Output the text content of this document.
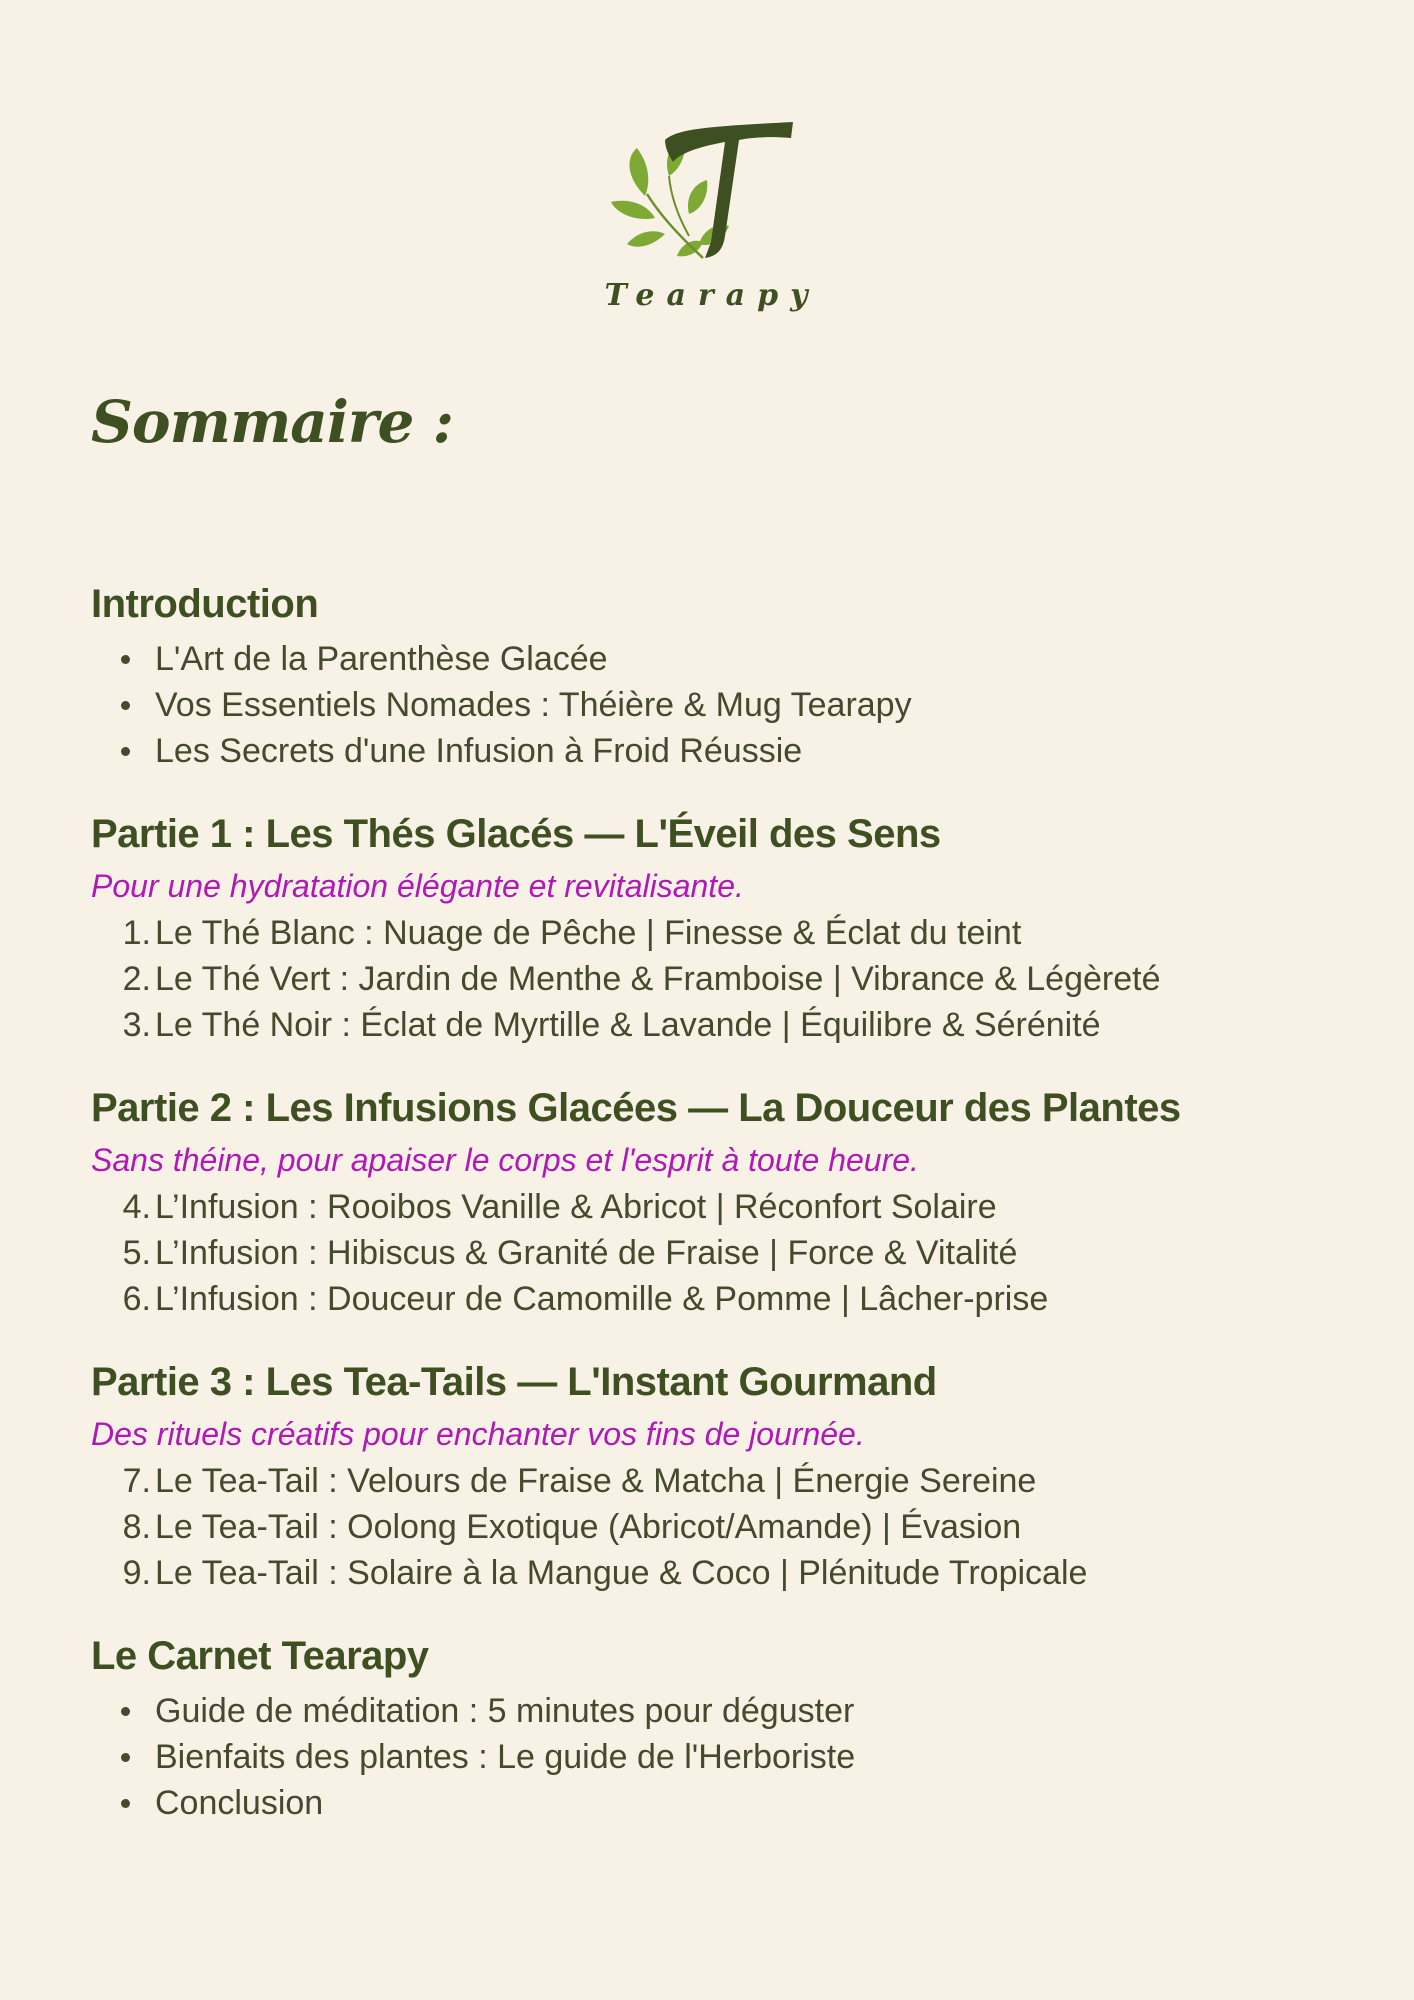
Tearapy
Sommaire :
Introduction
L'Art de la Parenthèse Glacée
Vos Essentiels Nomades : Théière & Mug Tearapy
Les Secrets d'une Infusion à Froid Réussie
Partie 1 : Les Thés Glacés — L'Éveil des Sens

Pour une hydratation élégante et revitalisante.

1. Le Thé Blanc : Nuage de Pêche | Finesse & Éclat du teint
2. Le Thé Vert : Jardin de Menthe & Framboise | Vibrance & Légèreté
3. Le Thé Noir : Éclat de Myrtille & Lavande | Équilibre & Sérénité
Partie 2 : Les Infusions Glacées — La Douceur des Plantes

Sans théine, pour apaiser le corps et l'esprit à toute heure.

4. L’Infusion : Rooibos Vanille & Abricot | Réconfort Solaire
5. L’Infusion : Hibiscus & Granité de Fraise | Force & Vitalité
6. L’Infusion : Douceur de Camomille & Pomme | Lâcher-prise
Partie 3 : Les Tea-Tails — L'Instant Gourmand

Des rituels créatifs pour enchanter vos fins de journée.

7. Le Tea-Tail : Velours de Fraise & Matcha | Énergie Sereine
8. Le Tea-Tail : Oolong Exotique (Abricot/Amande) | Évasion
9. Le Tea-Tail : Solaire à la Mangue & Coco | Plénitude Tropicale
Le Carnet Tearapy
Guide de méditation : 5 minutes pour déguster
Bienfaits des plantes : Le guide de l'Herboriste
Conclusion
